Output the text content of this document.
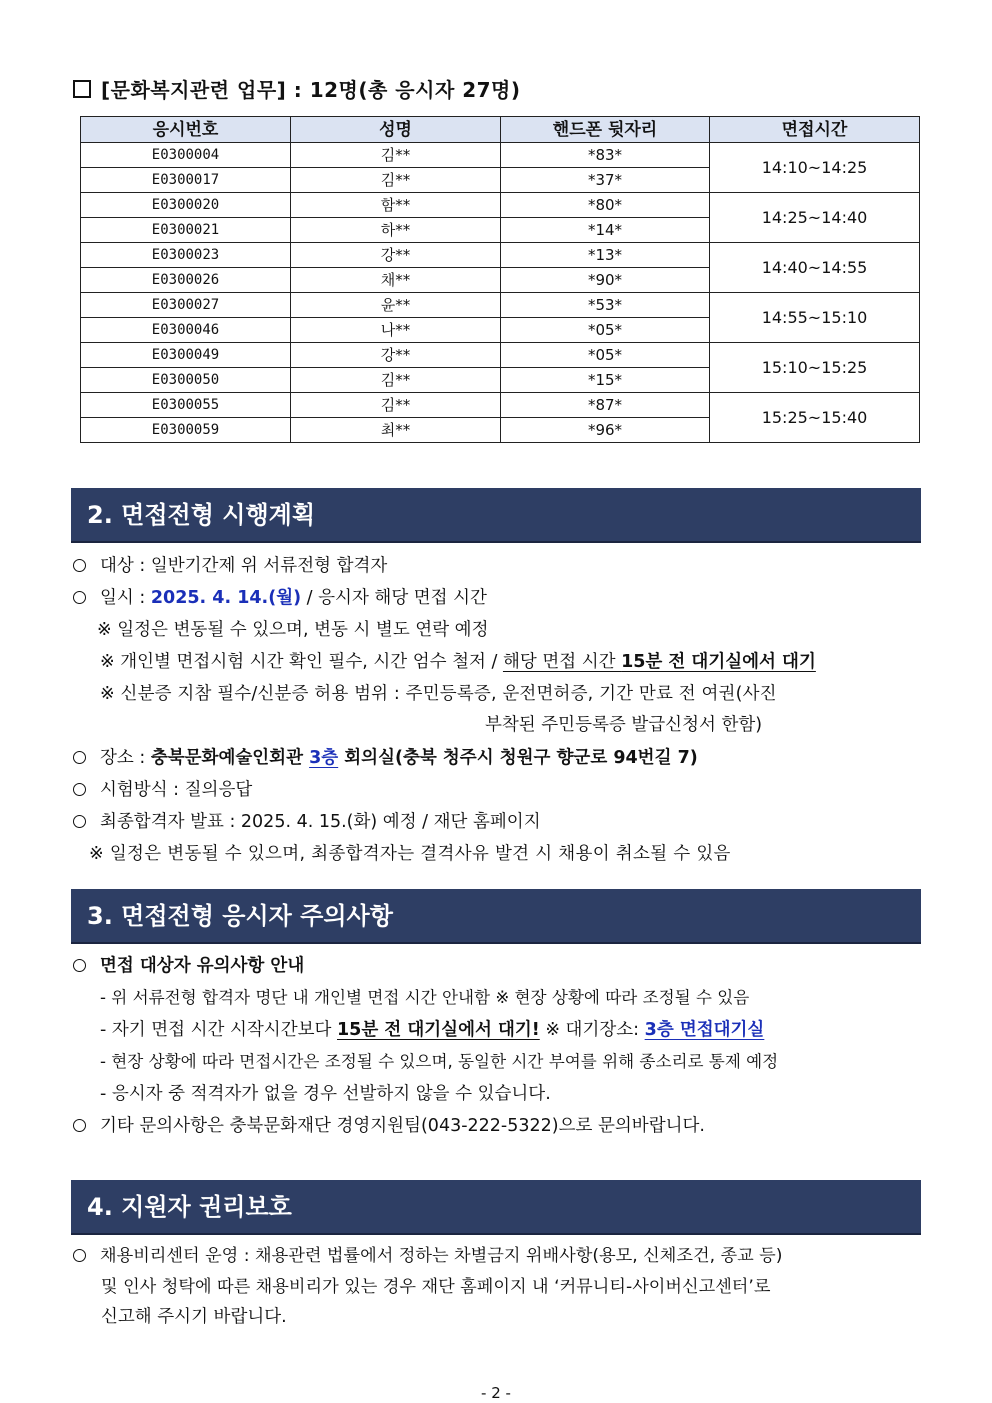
[문화복지관련 업무] : 12명(총 응시자 27명)
응시번호	성명	핸드폰 뒷자리	면접시간
E0300004	김**	*83*	14:10~14:25
E0300017	김**	*37*	
E0300020	함**	*80*	14:25~14:40
E0300021	하**	*14*	
E0300023	강**	*13*	14:40~14:55
E0300026	채**	*90*	
E0300027	윤**	*53*	14:55~15:10
E0300046	나**	*05*	
E0300049	강**	*05*	15:10~15:25
E0300050	김**	*15*	
E0300055	김**	*87*	15:25~15:40
E0300059	최**	*96*	
2. 면접전형 시행계획
대상 : 일반기간제 위 서류전형 합격자
일시 : 2025. 4. 14.(월) / 응시자 해당 면접 시간
※ 일정은 변동될 수 있으며, 변동 시 별도 연락 예정
※ 개인별 면접시험 시간 확인 필수, 시간 엄수 철저 / 해당 면접 시간 15분 전 대기실에서 대기
※ 신분증 지참 필수/신분증 허용 범위 : 주민등록증, 운전면허증, 기간 만료 전 여권(사진
부착된 주민등록증 발급신청서 한함)
장소 : 충북문화예술인회관 3층 회의실(충북 청주시 청원구 향군로 94번길 7)
시험방식 : 질의응답
최종합격자 발표 : 2025. 4. 15.(화) 예정 / 재단 홈페이지
※ 일정은 변동될 수 있으며, 최종합격자는 결격사유 발견 시 채용이 취소될 수 있음
3. 면접전형 응시자 주의사항
면접 대상자 유의사항 안내
- 위 서류전형 합격자 명단 내 개인별 면접 시간 안내함 ※ 현장 상황에 따라 조정될 수 있음
- 자기 면접 시간 시작시간보다 15분 전 대기실에서 대기! ※ 대기장소: 3층 면접대기실
- 현장 상황에 따라 면접시간은 조정될 수 있으며, 동일한 시간 부여를 위해 종소리로 통제 예정
- 응시자 중 적격자가 없을 경우 선발하지 않을 수 있습니다.
기타 문의사항은 충북문화재단 경영지원팀(043-222-5322)으로 문의바랍니다.
4. 지원자 권리보호
채용비리센터 운영 : 채용관련 법률에서 정하는 차별금지 위배사항(용모, 신체조건, 종교 등)
및 인사 청탁에 따른 채용비리가 있는 경우 재단 홈페이지 내 ‘커뮤니티-사이버신고센터’로
신고해 주시기 바랍니다.
- 2 -
